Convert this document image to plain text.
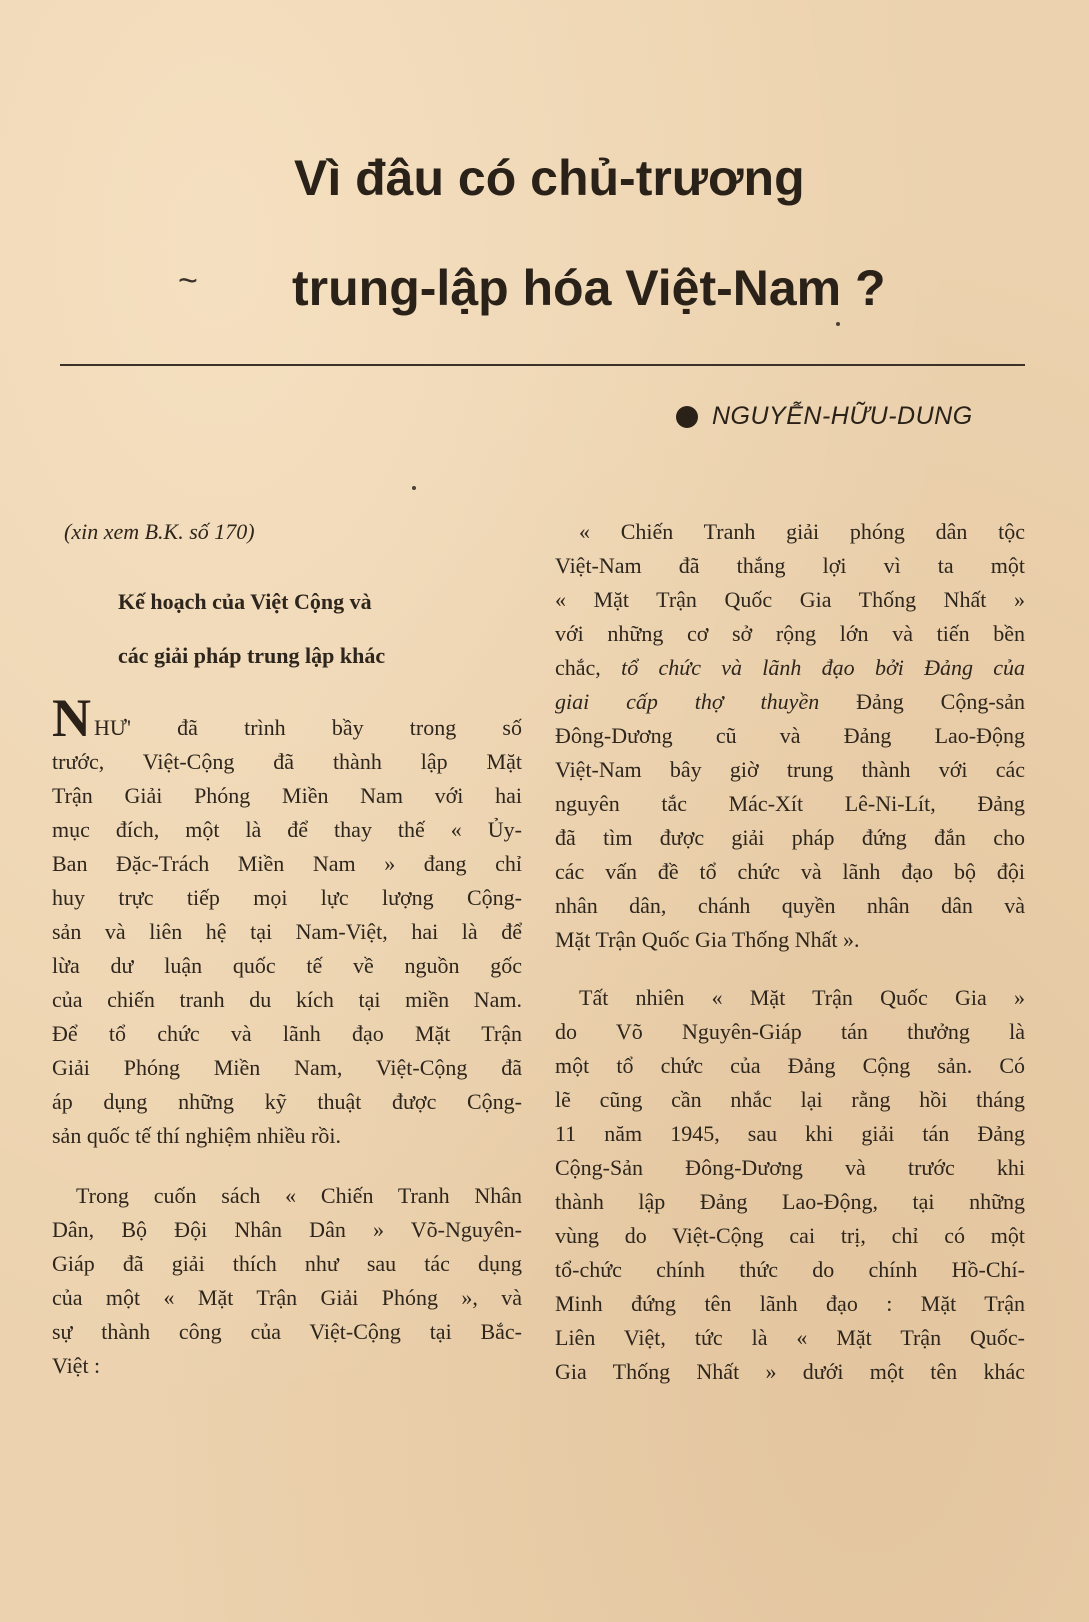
Vì đâu có chủ-trương
~	trung-lập hóa Việt-Nam ?
NGUYỄN-HỮU-DUNG
(xin xem B.K. số 170)
Kế hoạch của Việt Cộng và
các giải pháp trung lập khác
N HƯ' đã trình bầy trong số
trước, Việt-Cộng đã thành lập Mặt
Trận Giải Phóng Miền Nam với hai
mục đích, một là để thay thế « Ủy-
Ban Đặc-Trách Miền Nam » đang chỉ
huy trực tiếp mọi lực lượng Cộng-
sản và liên hệ tại Nam-Việt, hai là để
lừa dư luận quốc tế về nguồn gốc
của chiến tranh du kích tại miền Nam.
Để tổ chức và lãnh đạo Mặt Trận
Giải Phóng Miền Nam, Việt-Cộng đã
áp dụng những kỹ thuật được Cộng-
sản quốc tế thí nghiệm nhiều rồi.
Trong cuốn sách « Chiến Tranh Nhân
Dân, Bộ Đội Nhân Dân » Võ-Nguyên-
Giáp đã giải thích như sau tác dụng
của một « Mặt Trận Giải Phóng », và
sự thành công của Việt-Cộng tại Bắc-
Việt :
« Chiến Tranh giải phóng dân tộc
Việt-Nam đã thắng lợi vì ta một
« Mặt Trận Quốc Gia Thống Nhất »
với những cơ sở rộng lớn và tiến bền
chắc, tổ chức và lãnh đạo bởi Đảng của
giai cấp thợ thuyền Đảng Cộng-sản
Đông-Dương cũ và Đảng Lao-Động
Việt-Nam bây giờ trung thành với các
nguyên tắc Mác-Xít Lê-Ni-Lít, Đảng
đã tìm được giải pháp đứng đắn cho
các vấn đề tổ chức và lãnh đạo bộ đội
nhân dân, chánh quyền nhân dân và
Mặt Trận Quốc Gia Thống Nhất ».
Tất nhiên « Mặt Trận Quốc Gia »
do Võ Nguyên-Giáp tán thưởng là
một tổ chức của Đảng Cộng sản. Có
lẽ cũng cần nhắc lại rằng hồi tháng
11 năm 1945, sau khi giải tán Đảng
Cộng-Sản Đông-Dương và trước khi
thành lập Đảng Lao-Động, tại những
vùng do Việt-Cộng cai trị, chỉ có một
tổ-chức chính thức do chính Hồ-Chí-
Minh đứng tên lãnh đạo : Mặt Trận
Liên Việt, tức là « Mặt Trận Quốc-
Gia Thống Nhất » dưới một tên khác
